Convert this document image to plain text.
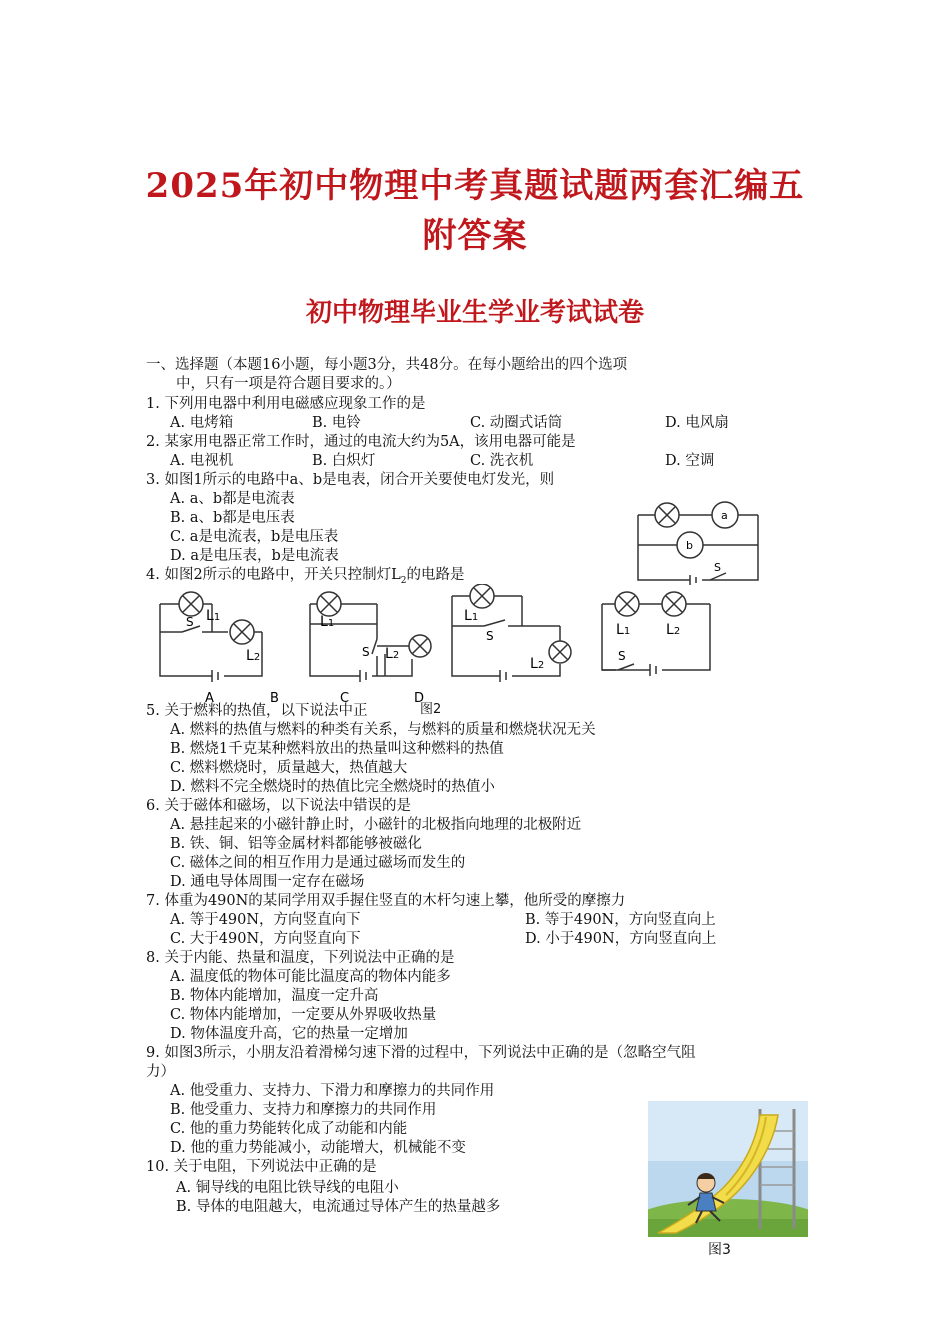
2025年初中物理中考真题试题两套汇编五
附答案
初中物理毕业生学业考试试卷
一、选择题（本题16小题，每小题3分，共48分。在每小题给出的四个选项
中，只有一项是符合题目要求的。）
1. 下列用电器中利用电磁感应现象工作的是
A. 电烤箱	B. 电铃	C. 动圈式话筒	D. 电风扇
2. 某家用电器正常工作时，通过的电流大约为5A，该用电器可能是
A. 电视机	B. 白炽灯	C. 洗衣机	D. 空调
3. 如图1所示的电路中a、b是电表，闭合开关要使电灯发光，则
A. a、b都是电流表
B. a、b都是电压表
C. a是电流表，b是电压表
D. a是电压表，b是电流表
a
b
S
4. 如图2所示的电路中，开关只控制灯$L_2$的电路是
L1
S
L2
L1
S L2
L1
S
L2
L1	L2
S
A	B	C	D
5. 关于燃料的热值，以下说法中正	图2
A. 燃料的热值与燃料的种类有关系，与燃料的质量和燃烧状况无关
B. 燃烧1千克某种燃料放出的热量叫这种燃料的热值
C. 燃料燃烧时，质量越大，热值越大
D. 燃料不完全燃烧时的热值比完全燃烧时的热值小
6. 关于磁体和磁场，以下说法中错误的是
A. 悬挂起来的小磁针静止时，小磁针的北极指向地理的北极附近
B. 铁、铜、铝等金属材料都能够被磁化
C. 磁体之间的相互作用力是通过磁场而发生的
D. 通电导体周围一定存在磁场
7. 体重为490N的某同学用双手握住竖直的木杆匀速上攀，他所受的摩擦力
A. 等于490N，方向竖直向下	B. 等于490N，方向竖直向上
C. 大于490N，方向竖直向下	D. 小于490N，方向竖直向上
8. 关于内能、热量和温度，下列说法中正确的是
A. 温度低的物体可能比温度高的物体内能多
B. 物体内能增加，温度一定升高
C. 物体内能增加，一定要从外界吸收热量
D. 物体温度升高，它的热量一定增加
9. 如图3所示，小朋友沿着滑梯匀速下滑的过程中，下列说法中正确的是（忽略空气阻
力）
A. 他受重力、支持力、下滑力和摩擦力的共同作用
B. 他受重力、支持力和摩擦力的共同作用
C. 他的重力势能转化成了动能和内能
D. 他的重力势能减小，动能增大，机械能不变
图3
10. 关于电阻，下列说法中正确的是
A. 铜导线的电阻比铁导线的电阻小
B. 导体的电阻越大，电流通过导体产生的热量越多
